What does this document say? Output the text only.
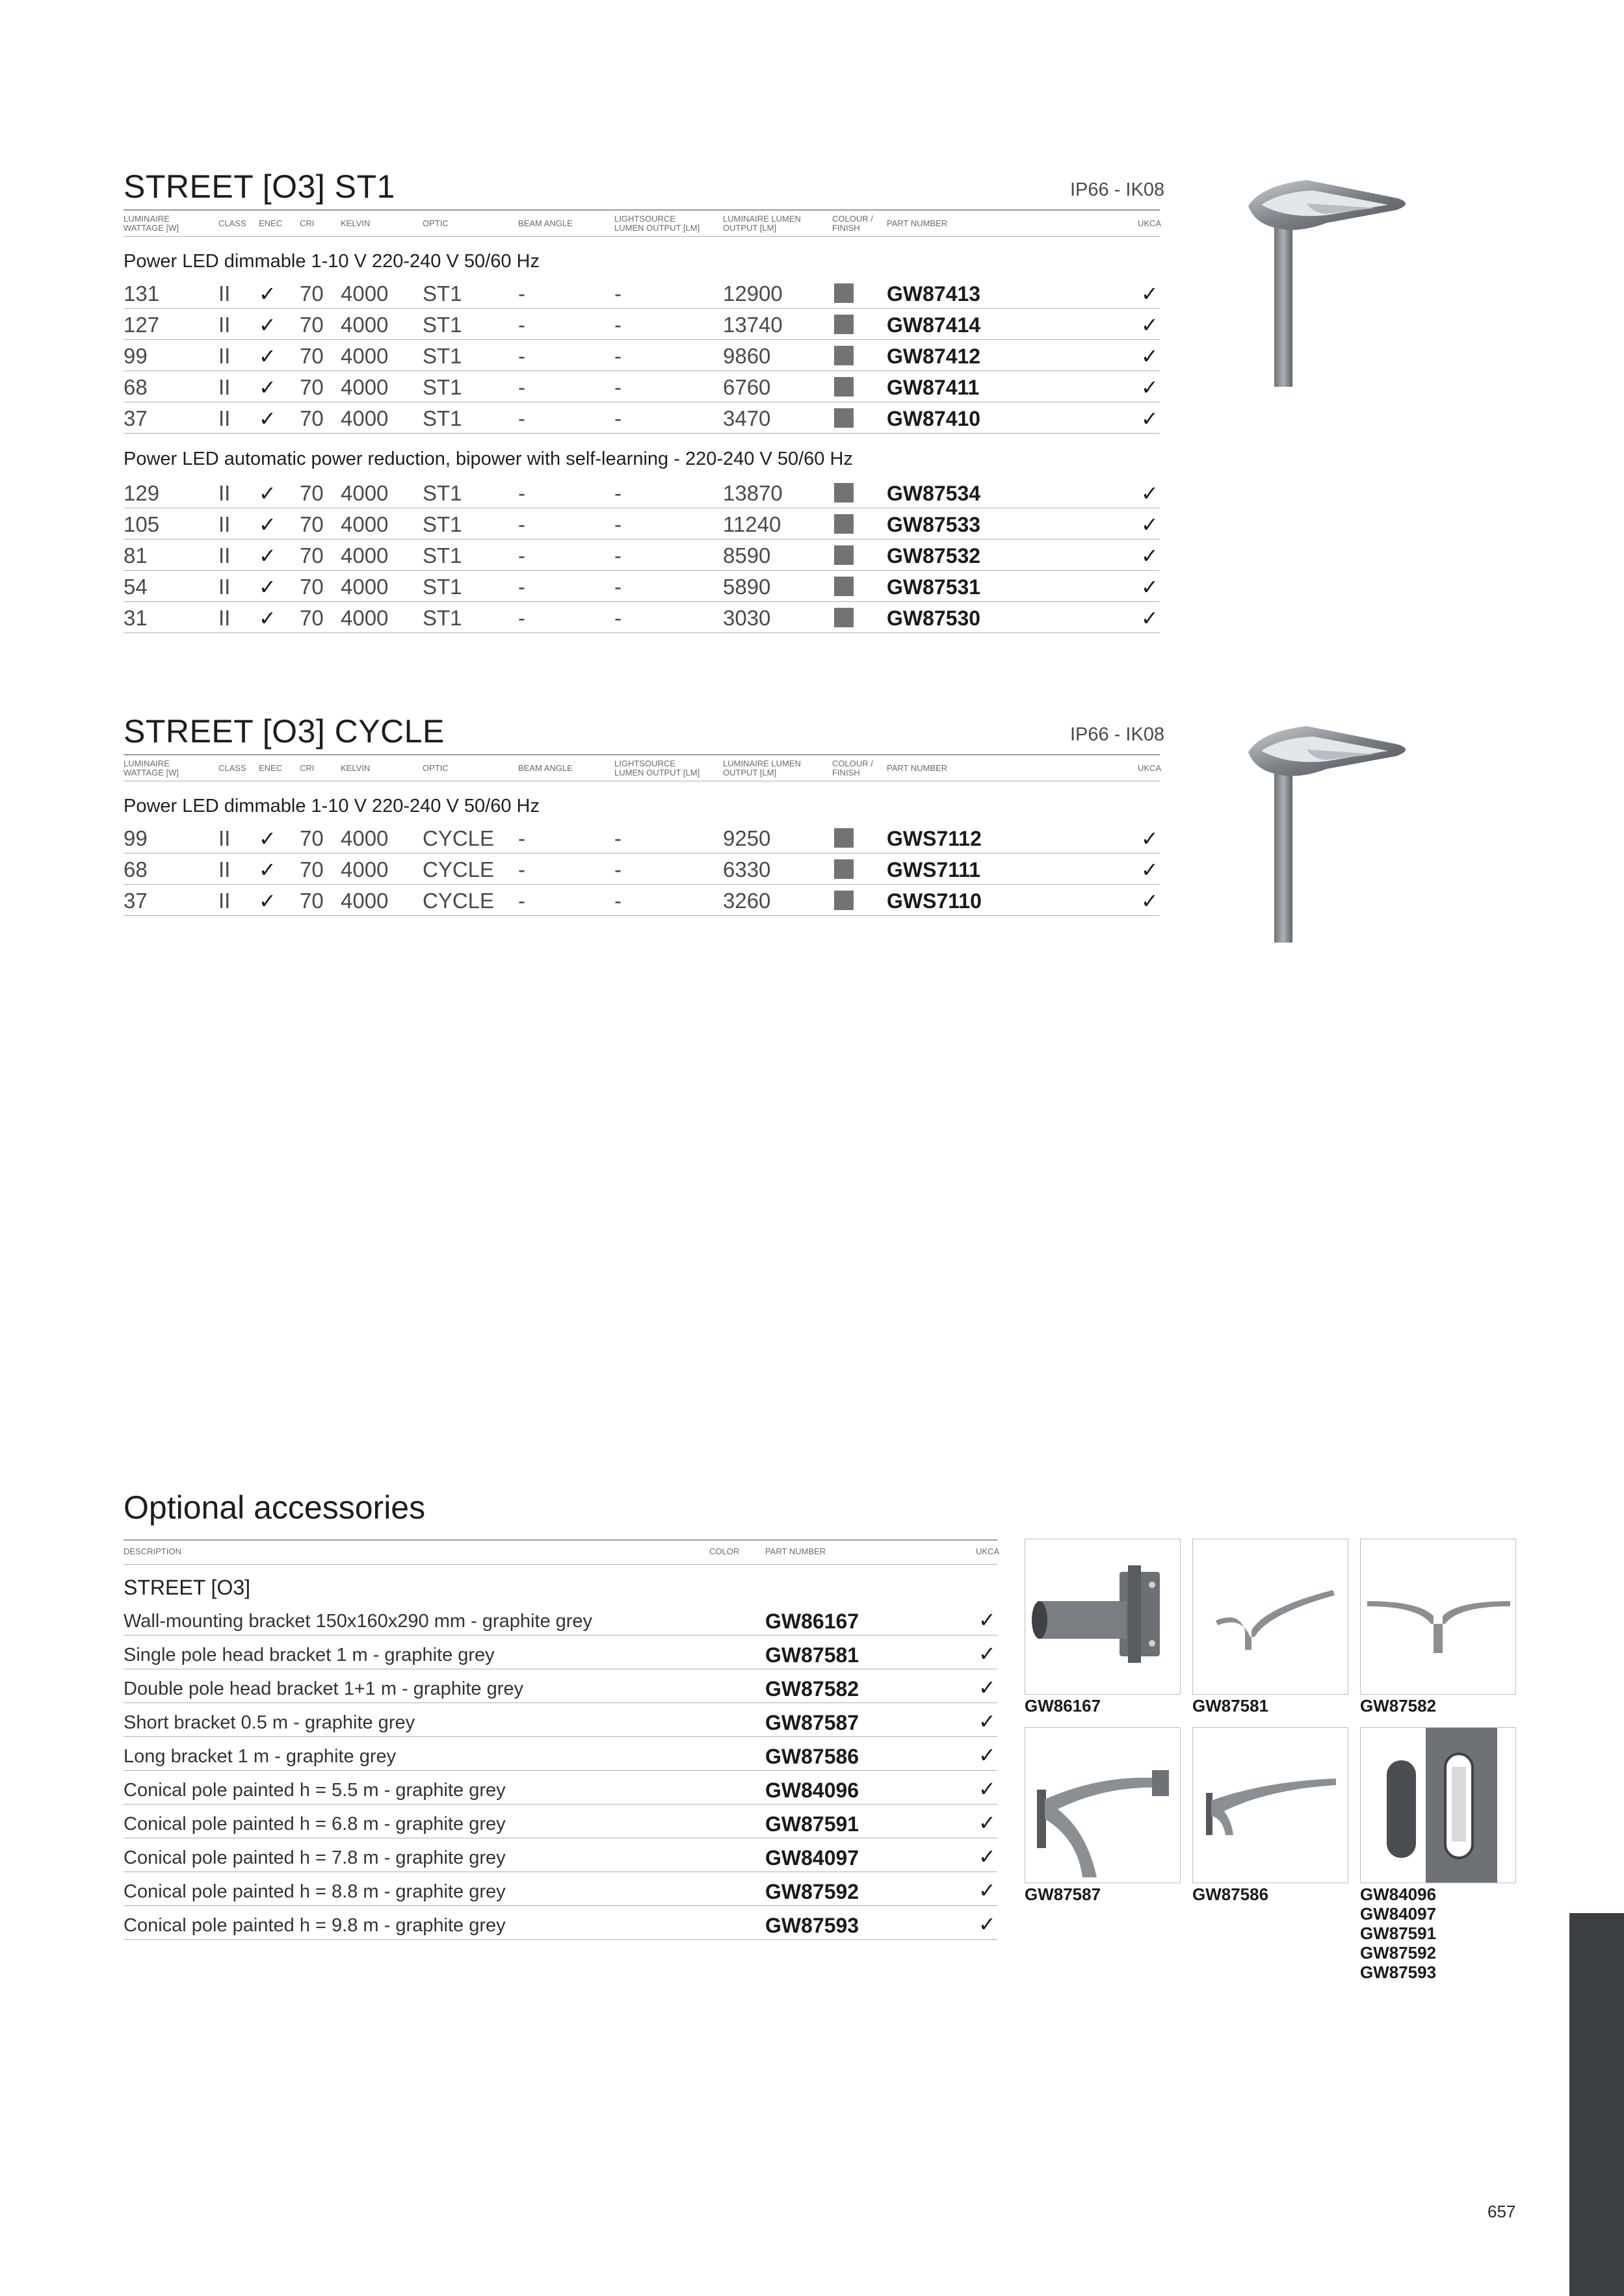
STREET [O3] ST1	IP66 - IK08
LUMINAIRE WATTAGE [W]	CLASS ENEC CRI	KELVIN	OPTIC	BEAM ANGLE	LIGHTSOURCE LUMEN OUTPUT [LM]
LUMINAIRE LUMEN OUTPUT [LM]
COLOUR / FINISH	PART NUMBER	UKCA
Power LED dimmable 1-10 V 220-240 V 50/60 Hz
131	II ✓ 70 4000 ST1	-	-	12900	GW87413	✓
127	II ✓ 70 4000 ST1	-	-	13740	GW87414	✓
99	II ✓ 70 4000 ST1	-	-	9860	GW87412	✓
68	II ✓ 70 4000 ST1	-	-	6760	GW87411	✓
37	II ✓ 70 4000 ST1	-	-	3470	GW87410	✓
Power LED automatic power reduction, bipower with self-learning - 220-240 V 50/60 Hz
129	II ✓ 70 4000 ST1	-	-	13870	GW87534	✓
105	II ✓ 70 4000 ST1	-	-	11240	GW87533	✓
81	II ✓ 70 4000 ST1	-	-	8590	GW87532	✓
54	II ✓ 70 4000 ST1	-	-	5890	GW87531	✓
31	II ✓ 70 4000 ST1	-	-	3030	GW87530	✓
STREET [O3] CYCLE	IP66 - IK08
LUMINAIRE WATTAGE [W]	CLASS ENEC CRI	KELVIN	OPTIC	BEAM ANGLE	LIGHTSOURCE LUMEN OUTPUT [LM]
LUMINAIRE LUMEN OUTPUT [LM]
COLOUR / FINISH	PART NUMBER	UKCA
Power LED dimmable 1-10 V 220-240 V 50/60 Hz
99	II ✓ 70 4000 CYCLE -	-	9250	GWS7112	✓
68	II ✓ 70 4000 CYCLE -	-	6330	GWS7111	✓
37	II ✓ 70 4000 CYCLE -	-	3260	GWS7110	✓
Optional accessories
DESCRIPTION	COLOR	PART NUMBER	UKCA
STREET [O3]
Wall-mounting bracket 150x160x290 mm - graphite grey	GW86167	✓
Single pole head bracket 1 m - graphite grey	GW87581	✓
Double pole head bracket 1+1 m - graphite grey	GW87582	✓
Short bracket 0.5 m - graphite grey	GW87587	✓
Long bracket 1 m - graphite grey	GW87586	✓
Conical pole painted h = 5.5 m - graphite grey	GW84096	✓
Conical pole painted h = 6.8 m - graphite grey	GW87591	✓
Conical pole painted h = 7.8 m - graphite grey	GW84097	✓
Conical pole painted h = 8.8 m - graphite grey	GW87592	✓
Conical pole painted h = 9.8 m - graphite grey	GW87593	✓
GW86167	GW87581	GW87582
GW87587	GW87586	GW84096
GW84097
GW87591
GW87592
GW87593
657
